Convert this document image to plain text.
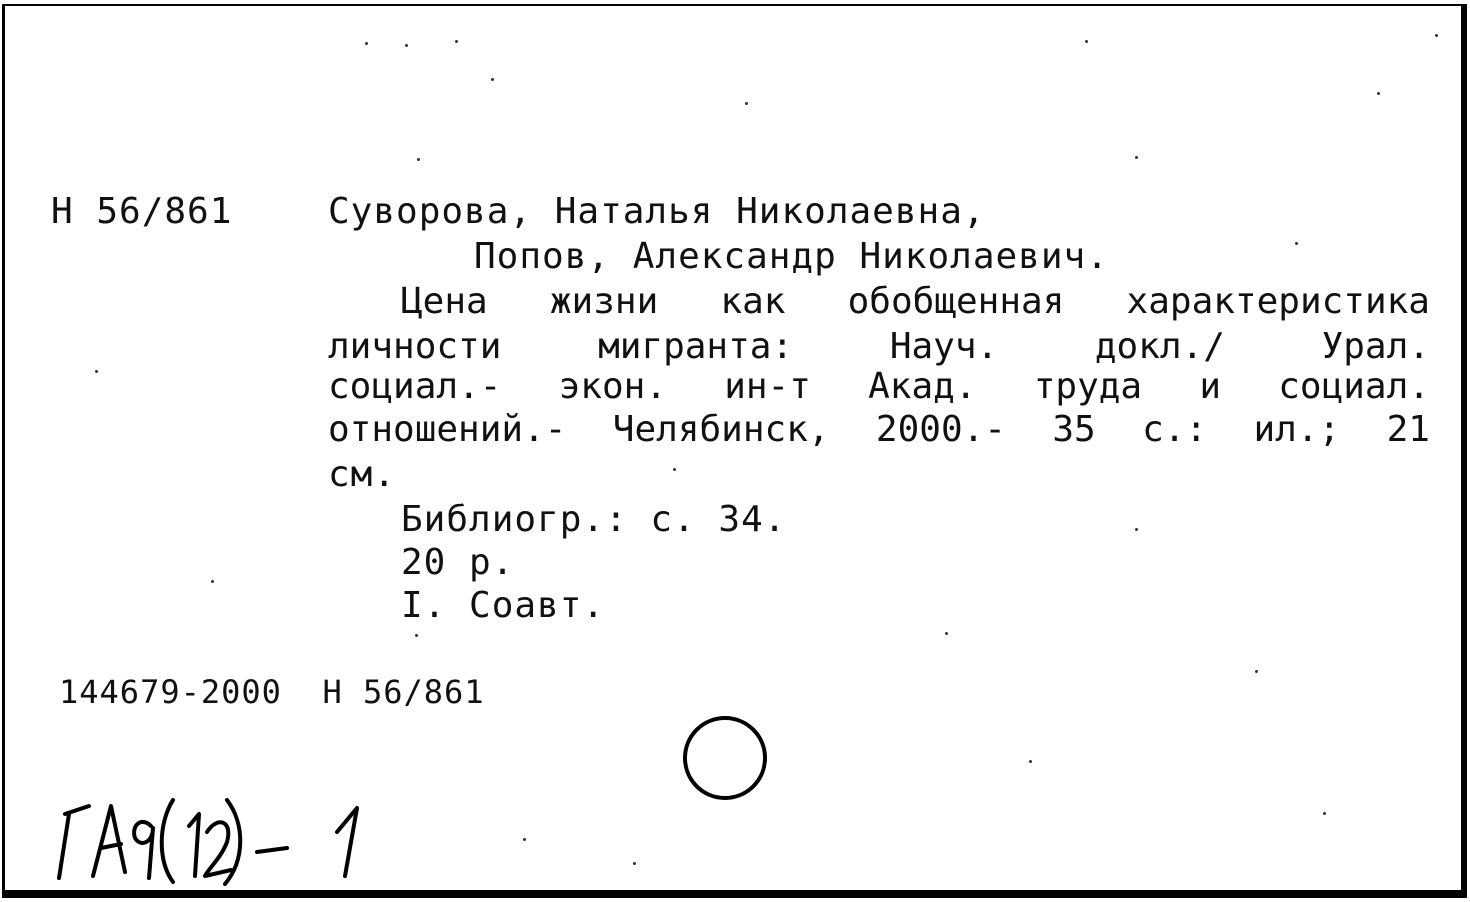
Н 56/861	Суворова, Наталья Николаевна,
Попов, Александр Николаевич.
Цена жизни как обобщенная характеристика
личности	мигранта:	Науч.	докл./	Урал.
социал.- экон. ин-т Акад. труда и социал.
отношений.- Челябинск, 2000.- 35 с.: ил.; 21
см.
Библиогр.: с. 34.
20 р.
I. Соавт.
144679-2000  Н 56/861
